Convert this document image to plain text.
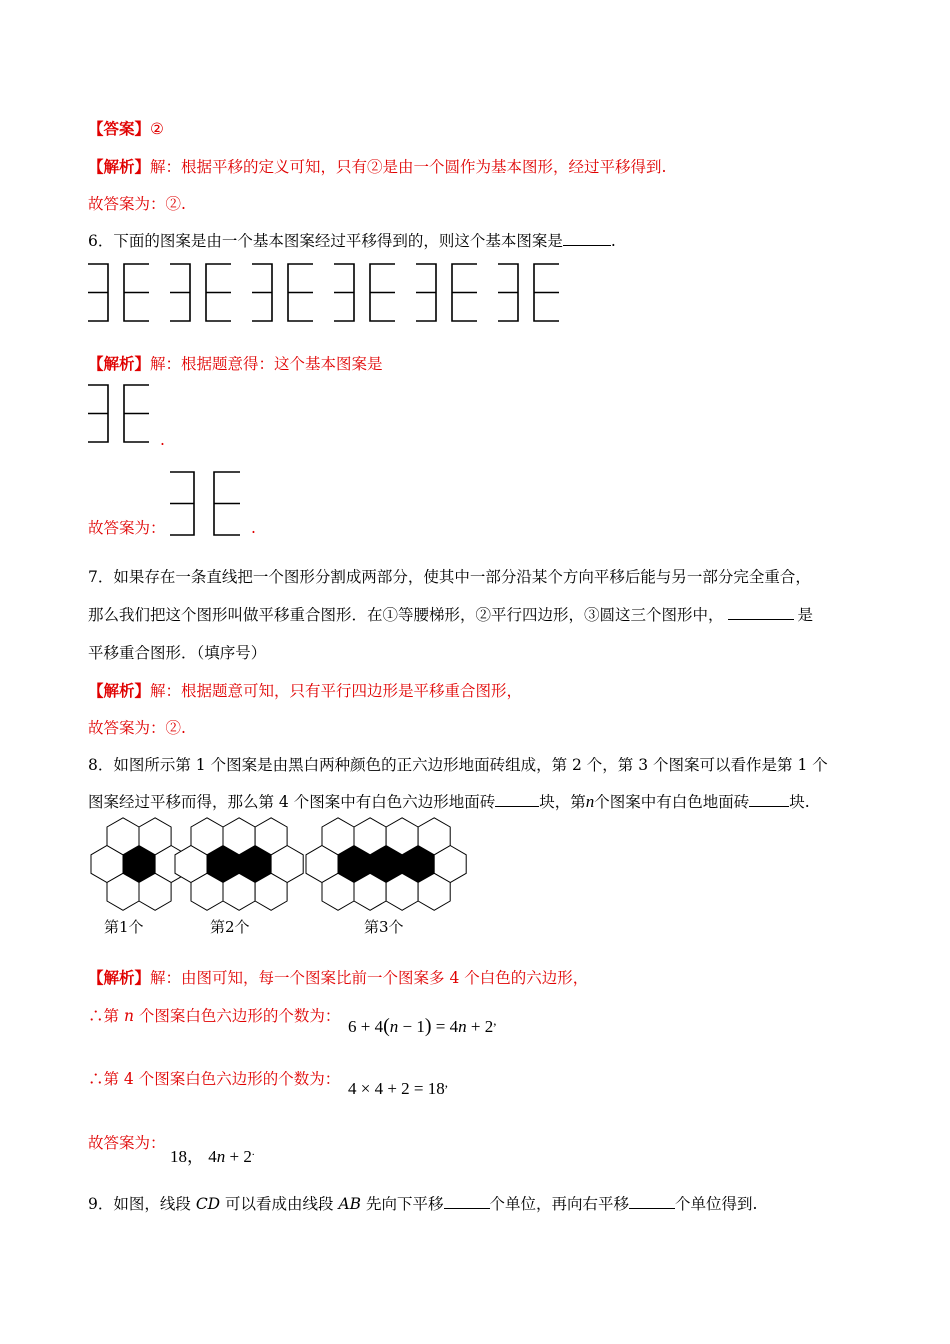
【答案】②
【解析】解：根据平移的定义可知，只有②是由一个圆作为基本图形，经过平移得到.
故答案为：②.
6．下面的图案是由一个基本图案经过平移得到的，则这个基本图案是	.
【解析】解：根据题意得：这个基本图案是
.
故答案为：	.
7．如果存在一条直线把一个图形分割成两部分，使其中一部分沿某个方向平移后能与另一部分完全重合，
那么我们把这个图形叫做平移重合图形．在①等腰梯形，②平行四边形，③圆这三个图形中，	是
平移重合图形．（填序号）
【解析】解：根据题意可知，只有平行四边形是平移重合图形，
故答案为：②.
8．如图所示第 1 个图案是由黑白两种颜色的正六边形地面砖组成，第 2 个，第 3 个图案可以看作是第 1 个
图案经过平移而得，那么第 4 个图案中有白色六边形地面砖	块，第n个图案中有白色地面砖	块.
第1个	第2个	第3个
【解析】解：由图可知，每一个图案比前一个图案多 4 个白色的六边形，
∴第 n 个图案白色六边形的个数为：
6 + 4(n − 1) = 4n + 2,
∴第 4 个图案白色六边形的个数为： 4 × 4 + 2 = 18,
故答案为：
18， 4n + 2.
9．如图，线段 CD 可以看成由线段 AB 先向下平移	个单位，再向右平移	个单位得到.
